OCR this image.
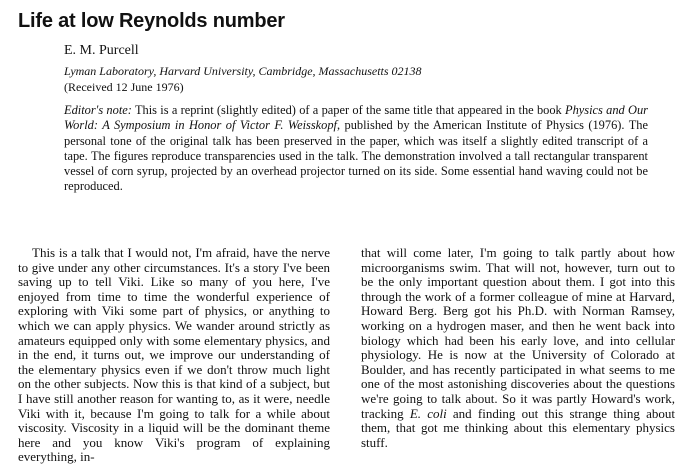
Life at low Reynolds number
E. M. Purcell
Lyman Laboratory, Harvard University, Cambridge, Massachusetts 02138
(Received 12 June 1976)
Editor's note: This is a reprint (slightly edited) of a paper of the same title that appeared in the book Physics and Our World: A Symposium in Honor of Victor F. Weisskopf, published by the American Institute of Physics (1976). The personal tone of the original talk has been preserved in the paper, which was itself a slightly edited transcript of a tape. The figures reproduce transparencies used in the talk. The demonstration involved a tall rectangular transparent vessel of corn syrup, projected by an overhead projector turned on its side. Some essential hand waving could not be reproduced.
This is a talk that I would not, I'm afraid, have the nerve to give under any other circumstances. It's a story I've been saving up to tell Viki. Like so many of you here, I've enjoyed from time to time the wonderful experience of exploring with Viki some part of physics, or anything to which we can apply physics. We wander around strictly as amateurs equipped only with some elementary physics, and in the end, it turns out, we improve our understanding of the elementary physics even if we don't throw much light on the other subjects. Now this is that kind of a subject, but I have still another reason for wanting to, as it were, needle Viki with it, because I'm going to talk for a while about viscosity. Viscosity in a liquid will be the dominant theme here and you know Viki's program of explaining everything, in-
that will come later, I'm going to talk partly about how microorganisms swim. That will not, however, turn out to be the only important question about them. I got into this through the work of a former colleague of mine at Harvard, Howard Berg. Berg got his Ph.D. with Norman Ramsey, working on a hydrogen maser, and then he went back into biology which had been his early love, and into cellular physiology. He is now at the University of Colorado at Boulder, and has recently participated in what seems to me one of the most astonishing discoveries about the questions we're going to talk about. So it was partly Howard's work, tracking E. coli and finding out this strange thing about them, that got me thinking about this elementary physics stuff.
